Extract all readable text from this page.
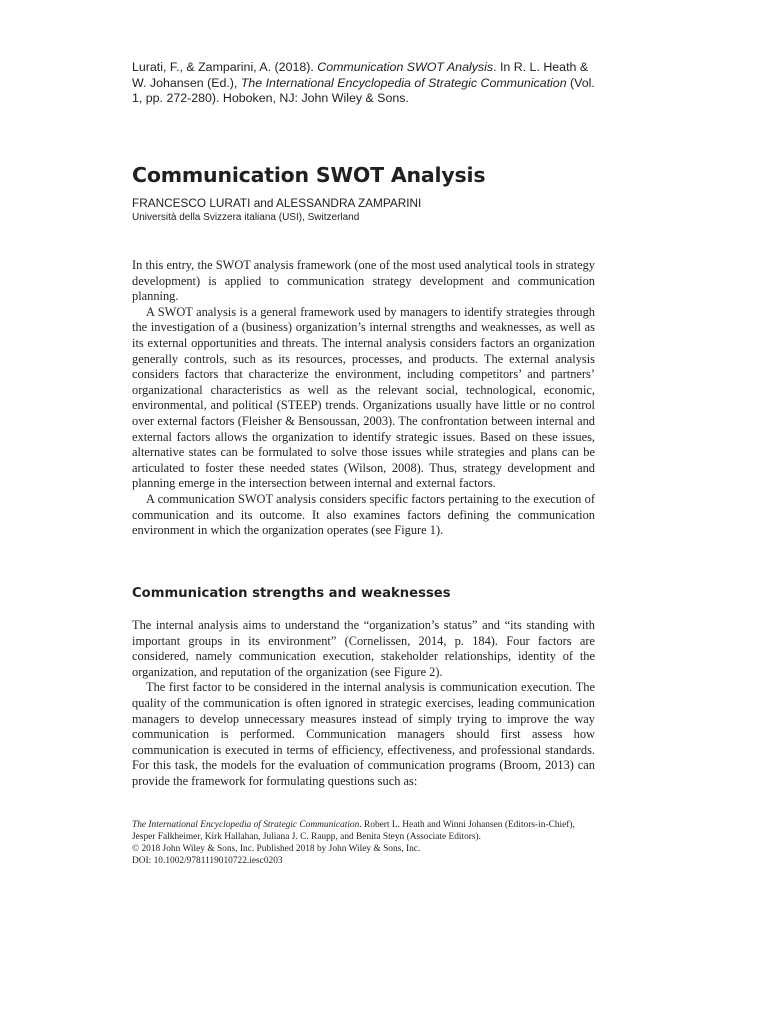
Lurati, F., & Zamparini, A. (2018). Communication SWOT Analysis. In R. L. Heath & W. Johansen (Ed.), The International Encyclopedia of Strategic Communication (Vol. 1, pp. 272-280). Hoboken, NJ: John Wiley & Sons.
Communication SWOT Analysis
FRANCESCO LURATI and ALESSANDRA ZAMPARINI
Università della Svizzera italiana (USI), Switzerland

In this entry, the SWOT analysis framework (one of the most used analytical tools in strategy development) is applied to communication strategy development and communication planning.

A SWOT analysis is a general framework used by managers to identify strategies through the investigation of a (business) organization’s internal strengths and weaknesses, as well as its external opportunities and threats. The internal analysis considers factors an organization generally controls, such as its resources, processes, and products. The external analysis considers factors that characterize the environment, including competitors’ and partners’ organizational characteristics as well as the relevant social, technological, economic, environmental, and political (STEEP) trends. Organizations usually have little or no control over external factors (Fleisher & Bensoussan, 2003). The confrontation between internal and external factors allows the organization to identify strategic issues. Based on these issues, alternative states can be formulated to solve those issues while strategies and plans can be articulated to foster these needed states (Wilson, 2008). Thus, strategy development and planning emerge in the intersection between internal and external factors.

A communication SWOT analysis considers specific factors pertaining to the execution of communication and its outcome. It also examines factors defining the communication environment in which the organization operates (see Figure 1).

Communication strengths and weaknesses

The internal analysis aims to understand the “organization’s status” and “its standing with important groups in its environment” (Cornelissen, 2014, p. 184). Four factors are considered, namely communication execution, stakeholder relationships, identity of the organization, and reputation of the organization (see Figure 2).

The first factor to be considered in the internal analysis is communication execution. The quality of the communication is often ignored in strategic exercises, leading communication managers to develop unnecessary measures instead of simply trying to improve the way communication is performed. Communication managers should first assess how communication is executed in terms of efficiency, effectiveness, and professional standards. For this task, the models for the evaluation of communication programs (Broom, 2013) can provide the framework for formulating questions such as:

The International Encyclopedia of Strategic Communication. Robert L. Heath and Winni Johansen (Editors-in-Chief),
Jesper Falkheimer, Kirk Hallahan, Juliana J. C. Raupp, and Benita Steyn (Associate Editors).
© 2018 John Wiley & Sons, Inc. Published 2018 by John Wiley & Sons, Inc.
DOI: 10.1002/9781119010722.iesc0203
